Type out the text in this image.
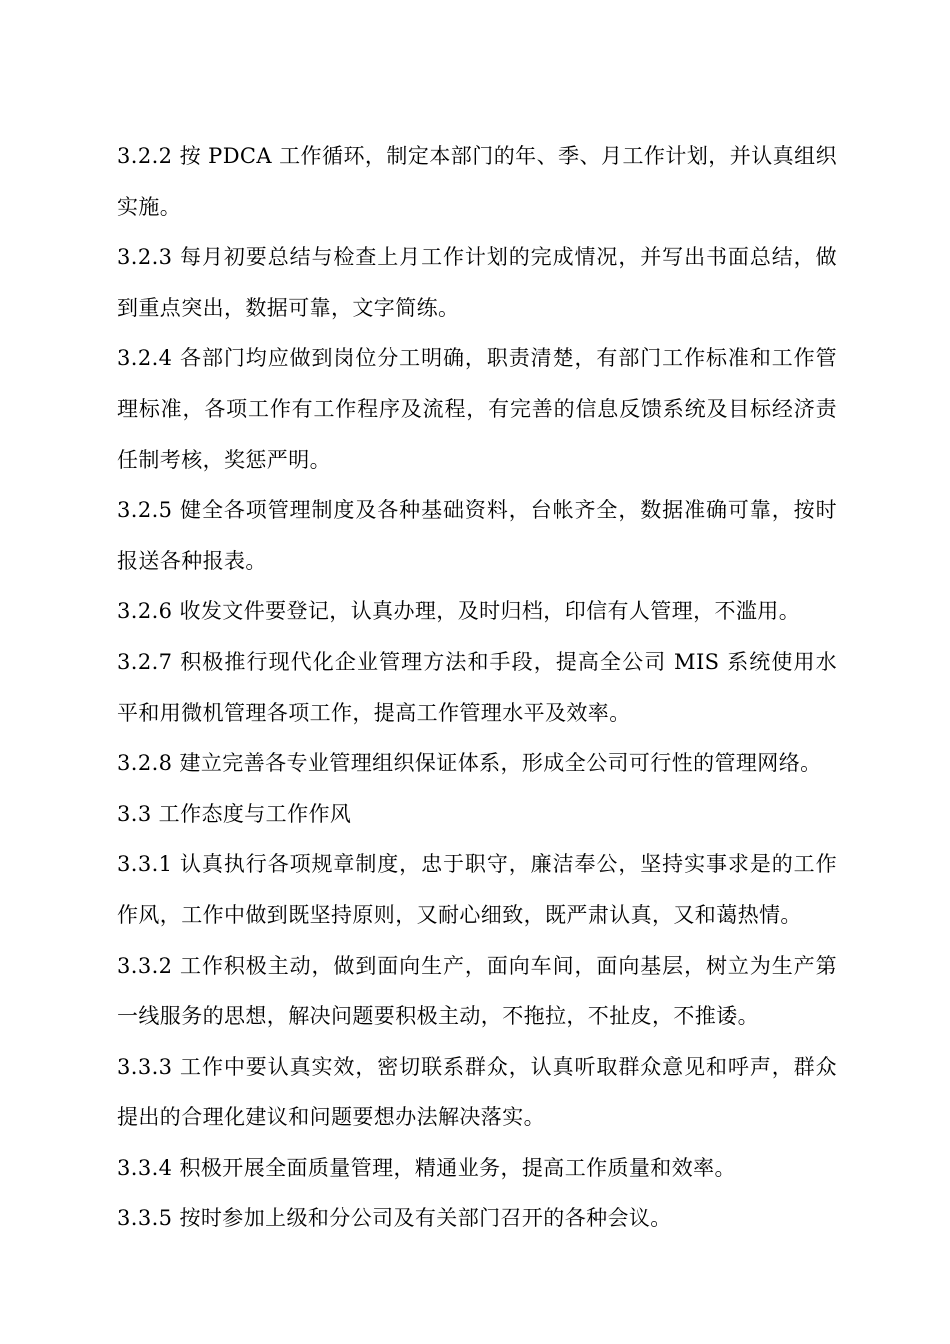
3.2.2 按 PDCA 工作循环，制定本部门的年、季、月工作计划，并认真组织实施。

3.2.3 每月初要总结与检查上月工作计划的完成情况，并写出书面总结，做到重点突出，数据可靠，文字简练。

3.2.4 各部门均应做到岗位分工明确，职责清楚，有部门工作标准和工作管理标准，各项工作有工作程序及流程，有完善的信息反馈系统及目标经济责任制考核，奖惩严明。

3.2.5 健全各项管理制度及各种基础资料，台帐齐全，数据准确可靠，按时报送各种报表。

3.2.6 收发文件要登记，认真办理，及时归档，印信有人管理，不滥用。

3.2.7 积极推行现代化企业管理方法和手段，提高全公司 MIS 系统使用水平和用微机管理各项工作，提高工作管理水平及效率。

3.2.8 建立完善各专业管理组织保证体系，形成全公司可行性的管理网络。

3.3 工作态度与工作作风

3.3.1 认真执行各项规章制度，忠于职守，廉洁奉公，坚持实事求是的工作作风，工作中做到既坚持原则，又耐心细致，既严肃认真，又和蔼热情。

3.3.2 工作积极主动，做到面向生产，面向车间，面向基层，树立为生产第一线服务的思想，解决问题要积极主动，不拖拉，不扯皮，不推诿。

3.3.3 工作中要认真实效，密切联系群众，认真听取群众意见和呼声，群众提出的合理化建议和问题要想办法解决落实。

3.3.4 积极开展全面质量管理，精通业务，提高工作质量和效率。

3.3.5 按时参加上级和分公司及有关部门召开的各种会议。
